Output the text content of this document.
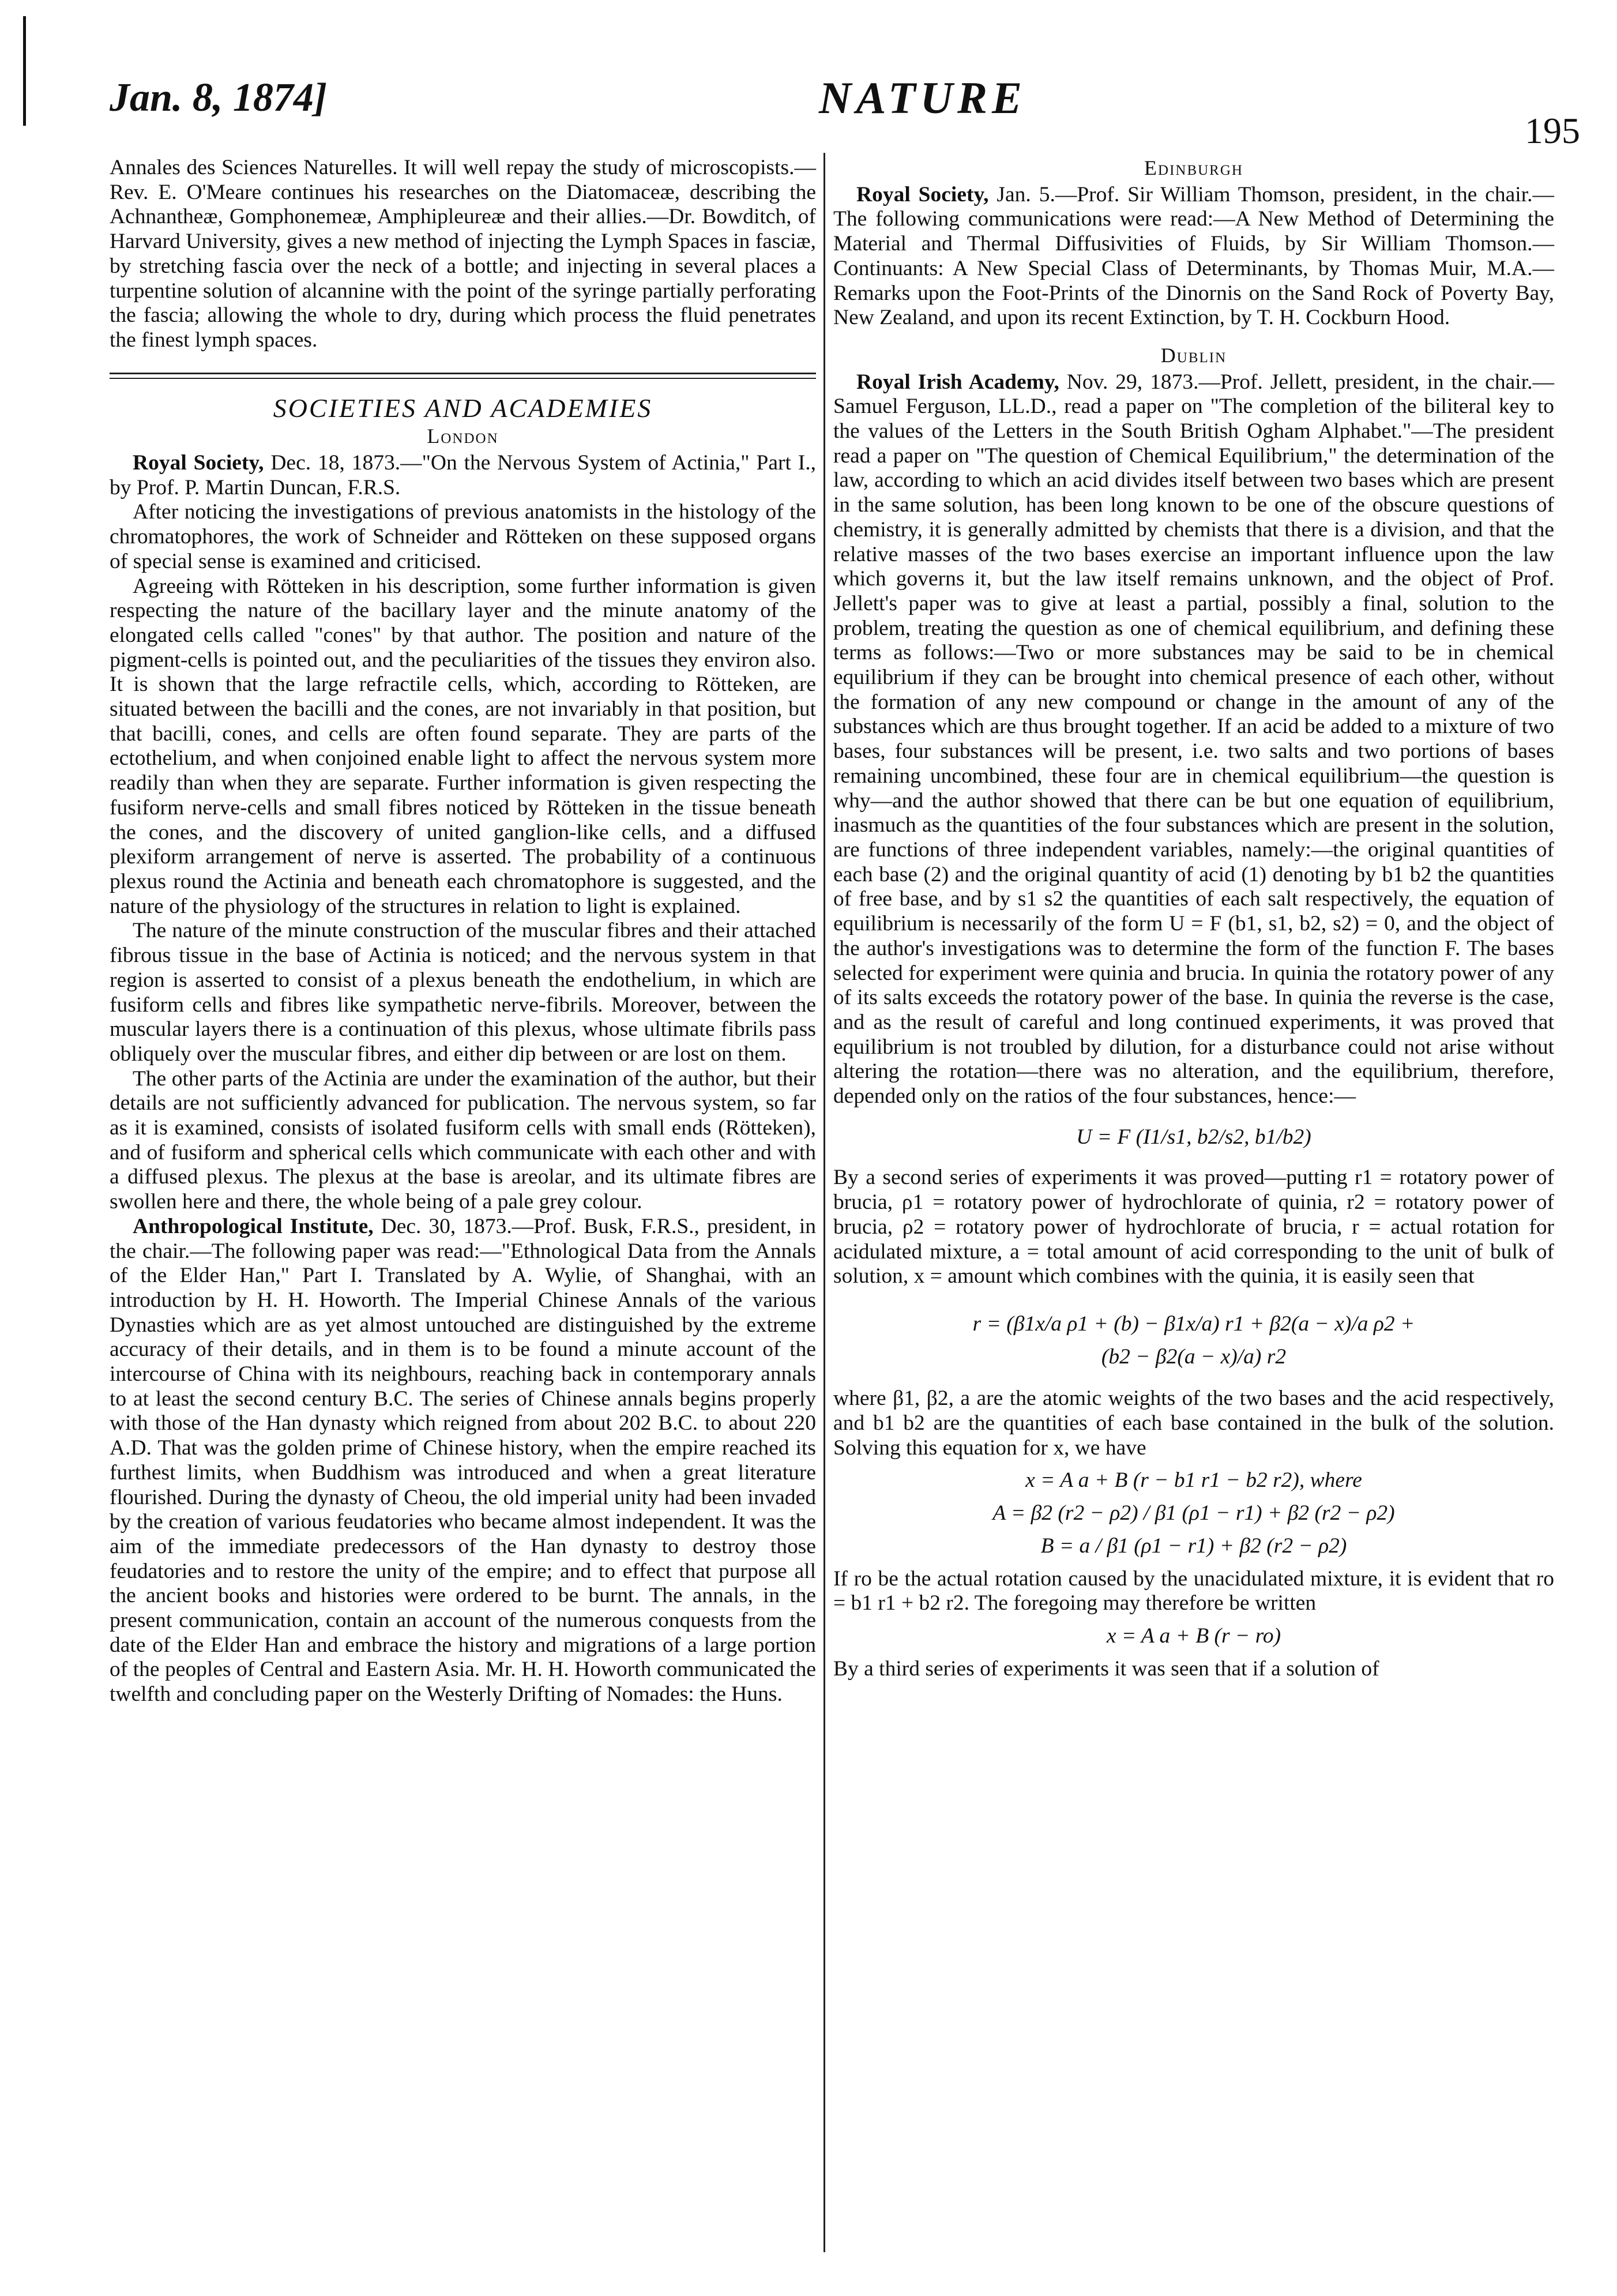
Jan. 8, 1874]	NATURE
195

Annales des Sciences Naturelles. It will well repay the study of microscopists.—Rev. E. O'Meare continues his researches on the Diatomaceæ, describing the Achnantheæ, Gomphonemeæ, Amphipleureæ and their allies.—Dr. Bowditch, of Harvard University, gives a new method of injecting the Lymph Spaces in fasciæ, by stretching fascia over the neck of a bottle; and injecting in several places a turpentine solution of alcannine with the point of the syringe partially perforating the fascia; allowing the whole to dry, during which process the fluid penetrates the finest lymph spaces.

SOCIETIES AND ACADEMIES
London

Royal Society, Dec. 18, 1873.—"On the Nervous System of Actinia," Part I., by Prof. P. Martin Duncan, F.R.S.

After noticing the investigations of previous anatomists in the histology of the chromatophores, the work of Schneider and Rötteken on these supposed organs of special sense is examined and criticised.

Agreeing with Rötteken in his description, some further information is given respecting the nature of the bacillary layer and the minute anatomy of the elongated cells called "cones" by that author. The position and nature of the pigment-cells is pointed out, and the peculiarities of the tissues they environ also. It is shown that the large refractile cells, which, according to Rötteken, are situated between the bacilli and the cones, are not invariably in that position, but that bacilli, cones, and cells are often found separate. They are parts of the ectothelium, and when conjoined enable light to affect the nervous system more readily than when they are separate. Further information is given respecting the fusiform nerve-cells and small fibres noticed by Rötteken in the tissue beneath the cones, and the discovery of united ganglion-like cells, and a diffused plexiform arrangement of nerve is asserted. The probability of a continuous plexus round the Actinia and beneath each chromatophore is suggested, and the nature of the physiology of the structures in relation to light is explained.

The nature of the minute construction of the muscular fibres and their attached fibrous tissue in the base of Actinia is noticed; and the nervous system in that region is asserted to consist of a plexus beneath the endothelium, in which are fusiform cells and fibres like sympathetic nerve-fibrils. Moreover, between the muscular layers there is a continuation of this plexus, whose ultimate fibrils pass obliquely over the muscular fibres, and either dip between or are lost on them.

The other parts of the Actinia are under the examination of the author, but their details are not sufficiently advanced for publication. The nervous system, so far as it is examined, consists of isolated fusiform cells with small ends (Rötteken), and of fusiform and spherical cells which communicate with each other and with a diffused plexus. The plexus at the base is areolar, and its ultimate fibres are swollen here and there, the whole being of a pale grey colour.

Anthropological Institute, Dec. 30, 1873.—Prof. Busk, F.R.S., president, in the chair.—The following paper was read:—"Ethnological Data from the Annals of the Elder Han," Part I. Translated by A. Wylie, of Shanghai, with an introduction by H. H. Howorth. The Imperial Chinese Annals of the various Dynasties which are as yet almost untouched are distinguished by the extreme accuracy of their details, and in them is to be found a minute account of the intercourse of China with its neighbours, reaching back in contemporary annals to at least the second century B.C. The series of Chinese annals begins properly with those of the Han dynasty which reigned from about 202 B.C. to about 220 A.D. That was the golden prime of Chinese history, when the empire reached its furthest limits, when Buddhism was introduced and when a great literature flourished. During the dynasty of Cheou, the old imperial unity had been invaded by the creation of various feudatories who became almost independent. It was the aim of the immediate predecessors of the Han dynasty to destroy those feudatories and to restore the unity of the empire; and to effect that purpose all the ancient books and histories were ordered to be burnt. The annals, in the present communication, contain an account of the numerous conquests from the date of the Elder Han and embrace the history and migrations of a large portion of the peoples of Central and Eastern Asia. Mr. H. H. Howorth communicated the twelfth and concluding paper on the Westerly Drifting of Nomades: the Huns.

Edinburgh

Royal Society, Jan. 5.—Prof. Sir William Thomson, president, in the chair.—The following communications were read:—A New Method of Determining the Material and Thermal Diffusivities of Fluids, by Sir William Thomson.—Continuants: A New Special Class of Determinants, by Thomas Muir, M.A.—Remarks upon the Foot-Prints of the Dinornis on the Sand Rock of Poverty Bay, New Zealand, and upon its recent Extinction, by T. H. Cockburn Hood.

Dublin

Royal Irish Academy, Nov. 29, 1873.—Prof. Jellett, president, in the chair.—Samuel Ferguson, LL.D., read a paper on "The completion of the biliteral key to the values of the Letters in the South British Ogham Alphabet."—The president read a paper on "The question of Chemical Equilibrium," the determination of the law, according to which an acid divides itself between two bases which are present in the same solution, has been long known to be one of the obscure questions of chemistry, it is generally admitted by chemists that there is a division, and that the relative masses of the two bases exercise an important influence upon the law which governs it, but the law itself remains unknown, and the object of Prof. Jellett's paper was to give at least a partial, possibly a final, solution to the problem, treating the question as one of chemical equilibrium, and defining these terms as follows:—Two or more substances may be said to be in chemical equilibrium if they can be brought into chemical presence of each other, without the formation of any new compound or change in the amount of any of the substances which are thus brought together. If an acid be added to a mixture of two bases, four substances will be present, i.e. two salts and two portions of bases remaining uncombined, these four are in chemical equilibrium—the question is why—and the author showed that there can be but one equation of equilibrium, inasmuch as the quantities of the four substances which are present in the solution, are functions of three independent variables, namely:—the original quantities of each base (2) and the original quantity of acid (1) denoting by b1 b2 the quantities of free base, and by s1 s2 the quantities of each salt respectively, the equation of equilibrium is necessarily of the form U = F (b1, s1, b2, s2) = 0, and the object of the author's investigations was to determine the form of the function F. The bases selected for experiment were quinia and brucia. In quinia the rotatory power of any of its salts exceeds the rotatory power of the base. In quinia the reverse is the case, and as the result of careful and long continued experiments, it was proved that equilibrium is not troubled by dilution, for a disturbance could not arise without altering the rotation—there was no alteration, and the equilibrium, therefore, depended only on the ratios of the four substances, hence:—

U = F (I1/s1, b2/s2, b1/b2)

By a second series of experiments it was proved—putting r1 = rotatory power of brucia, ρ1 = rotatory power of hydrochlorate of quinia, r2 = rotatory power of brucia, ρ2 = rotatory power of hydrochlorate of brucia, r = actual rotation for acidulated mixture, a = total amount of acid corresponding to the unit of bulk of solution, x = amount which combines with the quinia, it is easily seen that

r = (β1x/a ρ1 + (b) − β1x/a) r1 + β2(a − x)/a ρ2 +
(b2 − β2(a − x)/a) r2

where β1, β2, a are the atomic weights of the two bases and the acid respectively, and b1 b2 are the quantities of each base contained in the bulk of the solution. Solving this equation for x, we have

x = A a + B (r − b1 r1 − b2 r2), where
A = β2 (r2 − ρ2) / β1 (ρ1 − r1) + β2 (r2 − ρ2)
B = a / β1 (ρ1 − r1) + β2 (r2 − ρ2)

If ro be the actual rotation caused by the unacidulated mixture, it is evident that ro = b1 r1 + b2 r2. The foregoing may therefore be written

x = A a + B (r − ro)

By a third series of experiments it was seen that if a solution of
